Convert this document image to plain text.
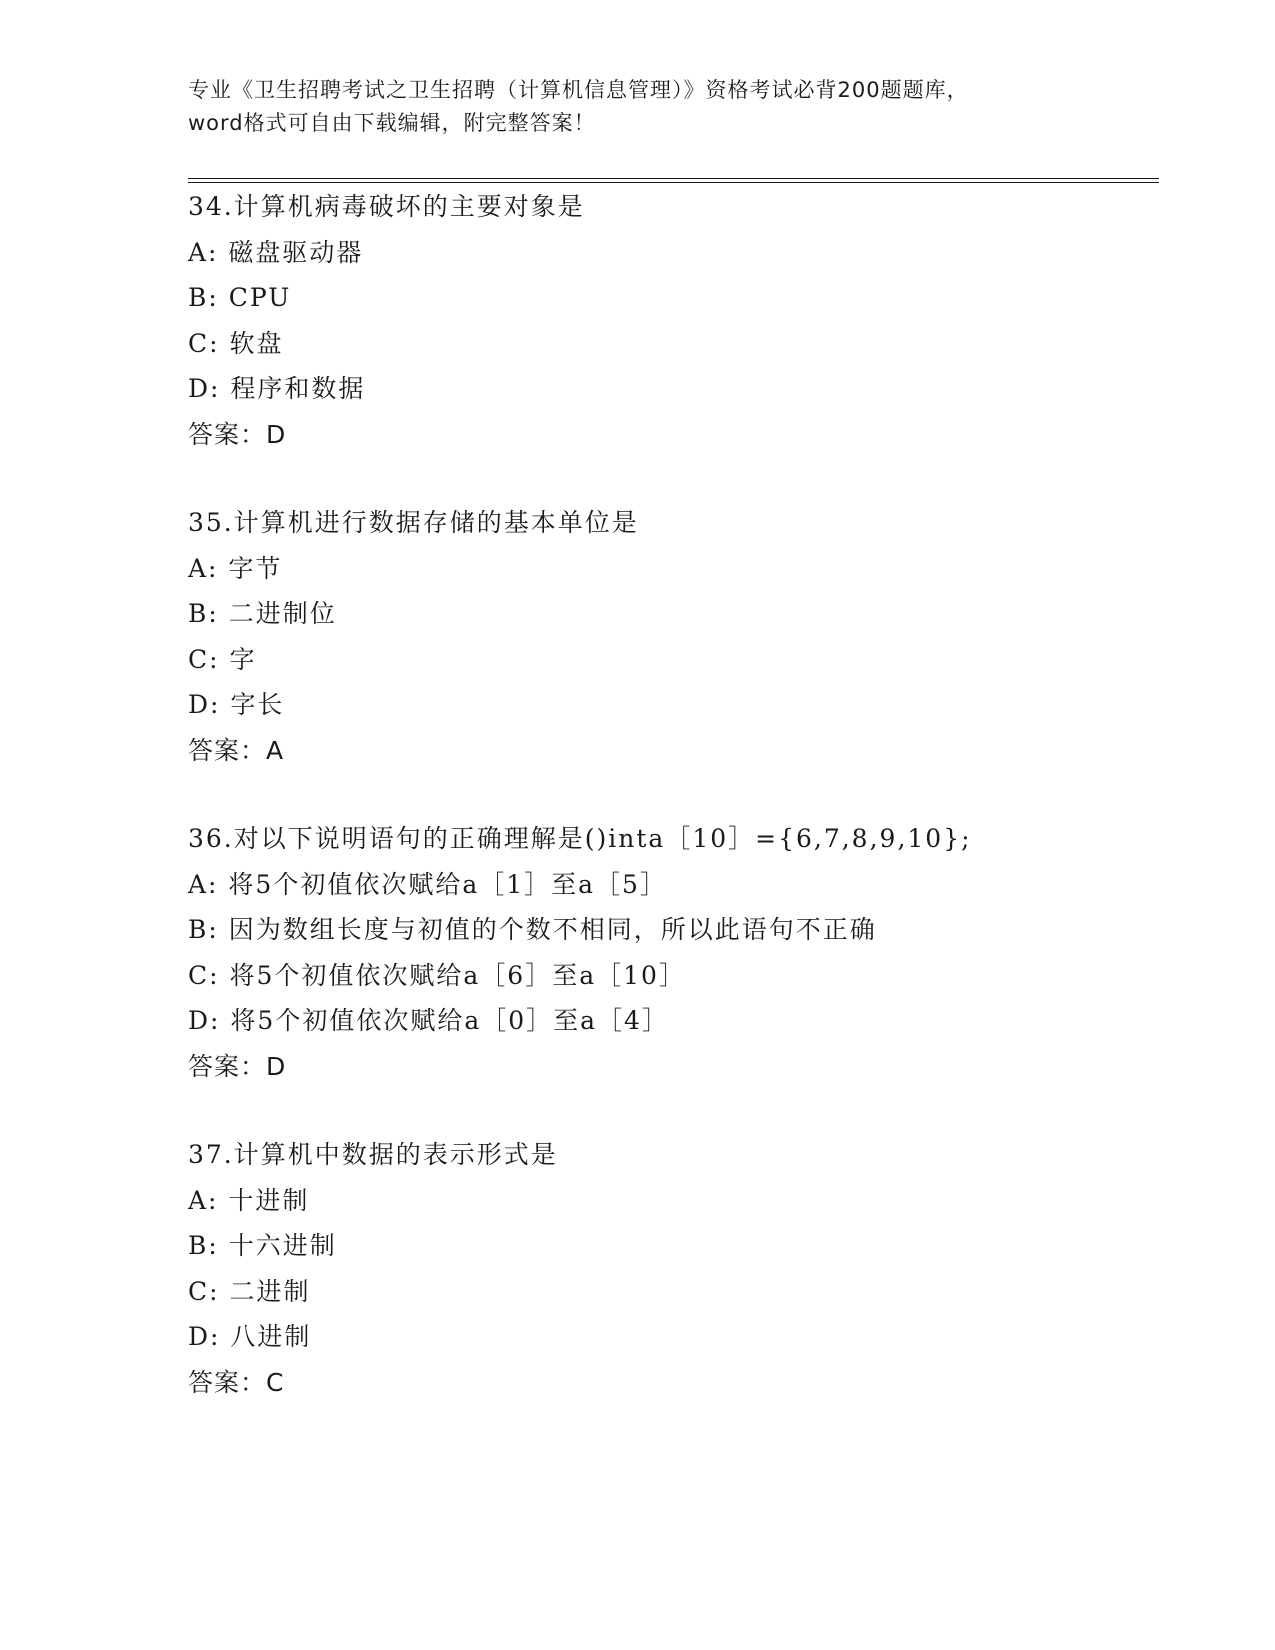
专业《卫生招聘考试之卫生招聘（计算机信息管理）》资格考试必背200题题库，
word格式可自由下载编辑，附完整答案！
34.计算机病毒破坏的主要对象是
A: 磁盘驱动器
B: CPU
C: 软盘
D: 程序和数据
答案：D
35.计算机进行数据存储的基本单位是
A: 字节
B: 二进制位
C: 字
D: 字长
答案：A
36.对以下说明语句的正确理解是()inta［10］={6,7,8,9,10};
A: 将5个初值依次赋给a［1］至a［5］
B: 因为数组长度与初值的个数不相同，所以此语句不正确
C: 将5个初值依次赋给a［6］至a［10］
D: 将5个初值依次赋给a［0］至a［4］
答案：D
37.计算机中数据的表示形式是
A: 十进制
B: 十六进制
C: 二进制
D: 八进制
答案：C
